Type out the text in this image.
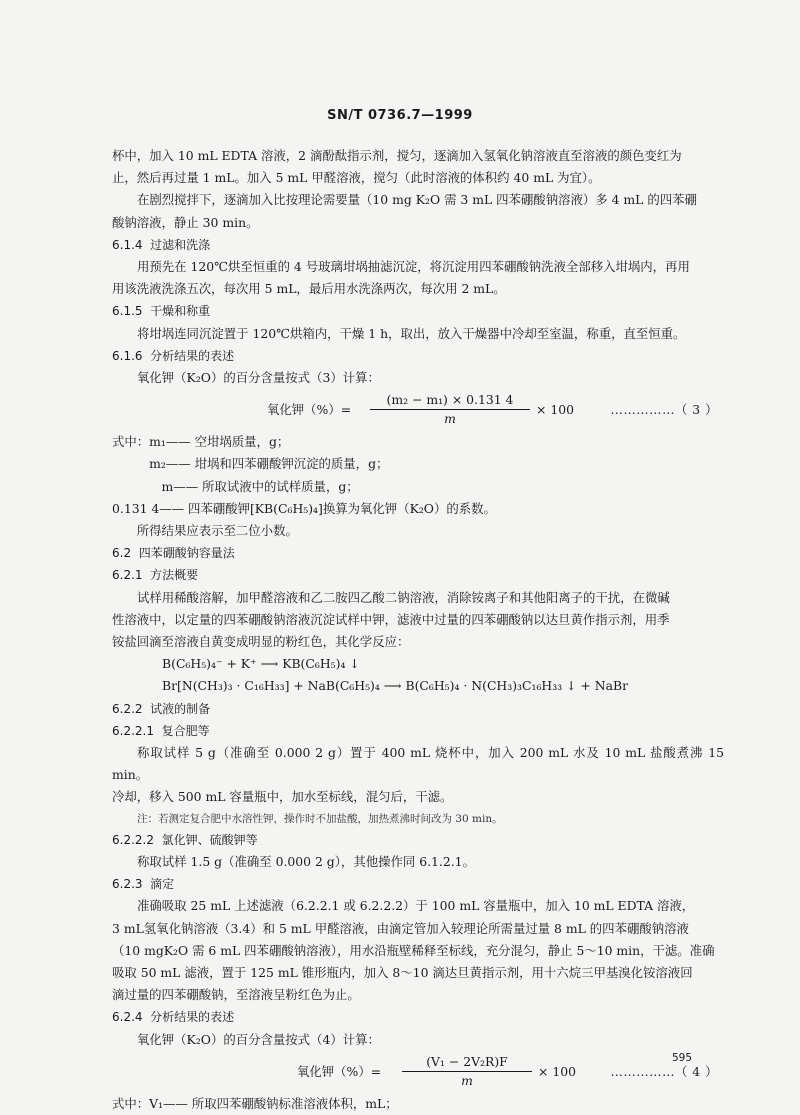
SN/T 0736.7—1999

杯中，加入 10 mL EDTA 溶液，2 滴酚酞指示剂，搅匀，逐滴加入氢氧化钠溶液直至溶液的颜色变红为

止，然后再过量 1 mL。加入 5 mL 甲醛溶液，搅匀（此时溶液的体积约 40 mL 为宜）。

在剧烈搅拌下，逐滴加入比按理论需要量（10 mg K₂O 需 3 mL 四苯硼酸钠溶液）多 4 mL 的四苯硼

酸钠溶液，静止 30 min。

6.1.4  过滤和洗涤

用预先在 120℃烘至恒重的 4 号玻璃坩埚抽滤沉淀，将沉淀用四苯硼酸钠洗液全部移入坩埚内，再用

用该洗液洗涤五次，每次用 5 mL，最后用水洗涤两次，每次用 2 mL。

6.1.5  干燥和称重

将坩埚连同沉淀置于 120℃烘箱内，干燥 1 h，取出，放入干燥器中冷却至室温，称重，直至恒重。

6.1.6  分析结果的表述

氧化钾（K₂O）的百分含量按式（3）计算：

氧化钾（%）= $\frac{\text{(m₂ − m₁) × 0.131 4}}{m} \times 100$	……………（ 3 ）

式中：m₁—— 空坩埚质量，g；

　　　m₂—— 坩埚和四苯硼酸钾沉淀的质量，g；

　　　　m—— 所取试液中的试样质量，g；

0.131 4—— 四苯硼酸钾[KB(C₆H₅)₄]换算为氧化钾（K₂O）的系数。

　　所得结果应表示至二位小数。

6.2  四苯硼酸钠容量法

6.2.1  方法概要

试样用稀酸溶解，加甲醛溶液和乙二胺四乙酸二钠溶液，消除铵离子和其他阳离子的干扰，在微碱

性溶液中，以定量的四苯硼酸钠溶液沉淀试样中钾，滤液中过量的四苯硼酸钠以达旦黄作指示剂，用季

铵盐回滴至溶液自黄变成明显的粉红色，其化学反应：

B(C₆H₅)₄⁻ + K⁺ ⟶ KB(C₆H₅)₄ ↓

Br[N(CH₃)₃ · C₁₆H₃₃] + NaB(C₆H₅)₄ ⟶ B(C₆H₅)₄ · N(CH₃)₃C₁₆H₃₃ ↓ + NaBr

6.2.2  试液的制备

6.2.2.1  复合肥等

称取试样 5 g（准确至 0.000 2 g）置于 400 mL 烧杯中，加入 200 mL 水及 10 mL 盐酸煮沸 15 min。

冷却，移入 500 mL 容量瓶中，加水至标线，混匀后，干滤。

注：若测定复合肥中水溶性钾，操作时不加盐酸，加热煮沸时间改为 30 min。

6.2.2.2  氯化钾、硫酸钾等

称取试样 1.5 g（准确至 0.000 2 g），其他操作同 6.1.2.1。

6.2.3  滴定

准确吸取 25 mL 上述滤液（6.2.2.1 或 6.2.2.2）于 100 mL 容量瓶中，加入 10 mL EDTA 溶液，

3 mL氢氧化钠溶液（3.4）和 5 mL 甲醛溶液，由滴定管加入较理论所需量过量 8 mL 的四苯硼酸钠溶液

（10 mgK₂O 需 6 mL 四苯硼酸钠溶液），用水沿瓶壁稀释至标线，充分混匀，静止 5～10 min，干滤。准确

吸取 50 mL 滤液，置于 125 mL 锥形瓶内，加入 8～10 滴达旦黄指示剂，用十六烷三甲基溴化铵溶液回

滴过量的四苯硼酸钠，至溶液呈粉红色为止。

6.2.4  分析结果的表述

氧化钾（K₂O）的百分含量按式（4）计算：

氧化钾（%）= $\frac{\text{(V₁ − 2V₂R)F}}{m} \times 100$	……………（ 4 ）

式中：V₁—— 所取四苯硼酸钠标准溶液体积，mL；

595
